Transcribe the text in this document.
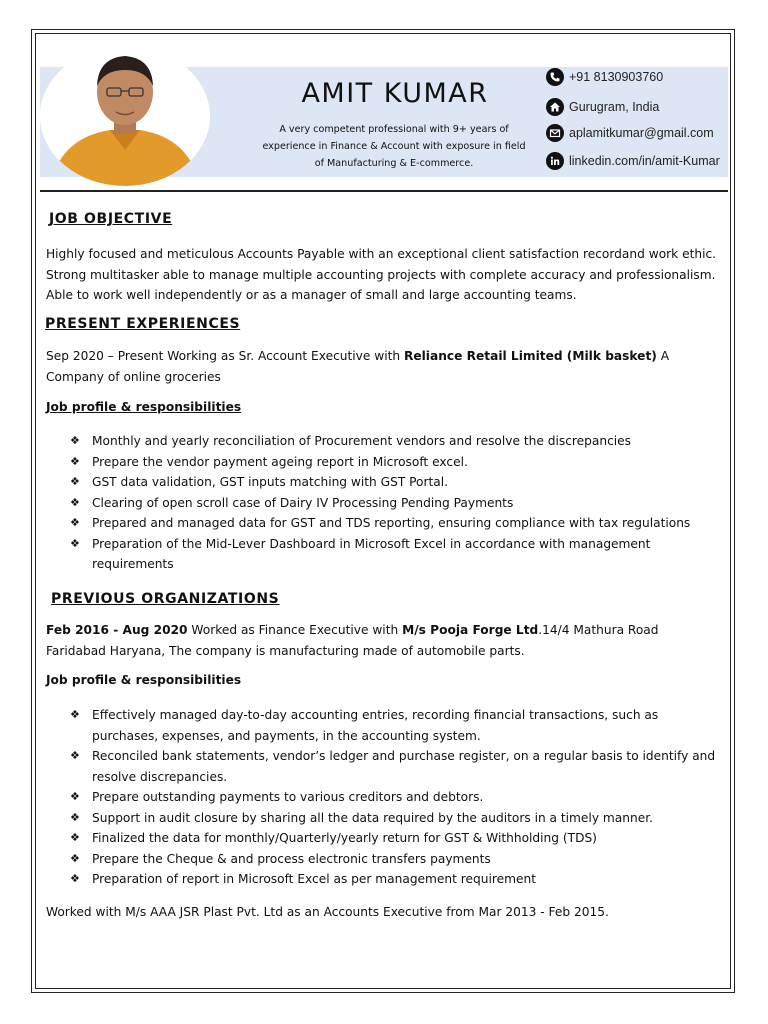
AMIT KUMAR
A very competent professional with 9+ years of
experience in Finance & Account with exposure in field
of Manufacturing & E-commerce.
+91 8130903760
Gurugram, India
aplamitkumar@gmail.com
linkedin.com/in/amit-Kumar
JOB OBJECTIVE
Highly focused and meticulous Accounts Payable with an exceptional client satisfaction recordand work ethic. Strong multitasker able to manage multiple accounting projects with complete accuracy and professionalism. Able to work well independently or as a manager of small and large accounting teams.
PRESENT EXPERIENCES
Sep 2020 – Present Working as Sr. Account Executive with Reliance Retail Limited (Milk basket) A Company of online groceries
Job profile & responsibilities
❖ Monthly and yearly reconciliation of Procurement vendors and resolve the discrepancies
❖ Prepare the vendor payment ageing report in Microsoft excel.
❖ GST data validation, GST inputs matching with GST Portal.
❖ Clearing of open scroll case of Dairy IV Processing Pending Payments
❖ Prepared and managed data for GST and TDS reporting, ensuring compliance with tax regulations
❖ Preparation of the Mid-Lever Dashboard in Microsoft Excel in accordance with management requirements
PREVIOUS ORGANIZATIONS
Feb 2016 - Aug 2020 Worked as Finance Executive with M/s Pooja Forge Ltd.14/4 Mathura Road Faridabad Haryana, The company is manufacturing made of automobile parts.
Job profile & responsibilities
❖ Effectively managed day-to-day accounting entries, recording financial transactions, such as purchases, expenses, and payments, in the accounting system.
❖ Reconciled bank statements, vendor’s ledger and purchase register, on a regular basis to identify and resolve discrepancies.
❖ Prepare outstanding payments to various creditors and debtors.
❖ Support in audit closure by sharing all the data required by the auditors in a timely manner.
❖ Finalized the data for monthly/Quarterly/yearly return for GST & Withholding (TDS)
❖ Prepare the Cheque & and process electronic transfers payments
❖ Preparation of report in Microsoft Excel as per management requirement
Worked with M/s AAA JSR Plast Pvt. Ltd as an Accounts Executive from Mar 2013 - Feb 2015.
